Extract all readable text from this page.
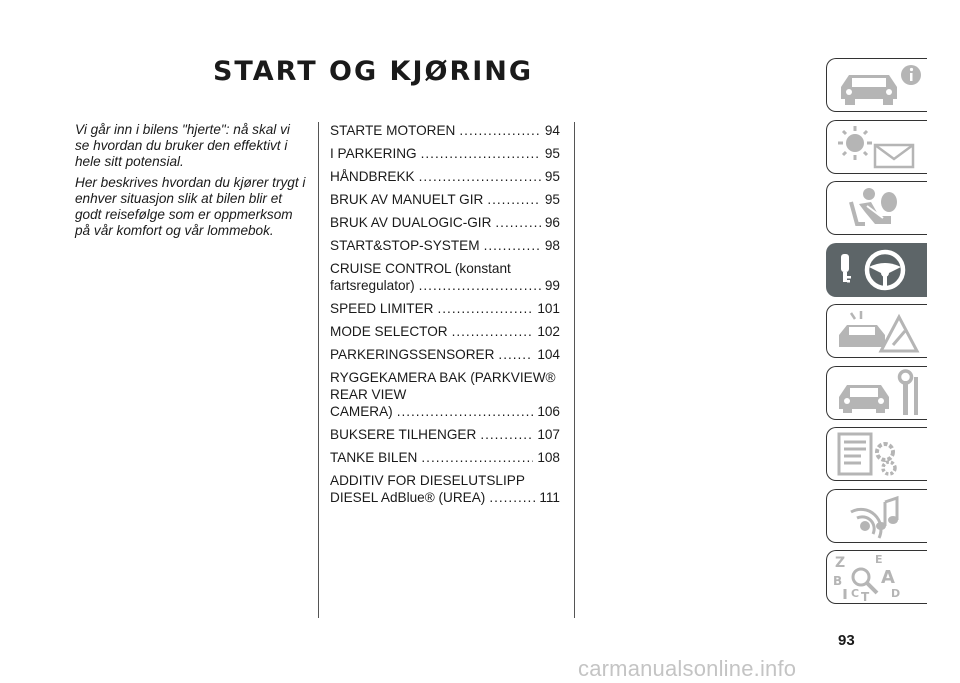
START OG KJØRING

Vi går inn i bilens "hjerte": nå skal vi se hvordan du bruker den effektivt i hele sitt potensial.

Her beskrives hvordan du kjører trygt i enhver situasjon slik at bilen blir et godt reisefølge som er oppmerksom på vår komfort og vår lommebok.

STARTE MOTOREN .....	94
I PARKERING .....	95
HÅNDBREKK .....	95
BRUK AV MANUELT GIR .....	95
BRUK AV DUALOGIC-GIR .....	96
START&STOP-SYSTEM .....	98
CRUISE CONTROL (konstant
fartsregulator) .....	99
SPEED LIMITER .....	101
MODE SELECTOR .....	102
PARKERINGSSENSORER .....	104
RYGGEKAMERA BAK (PARKVIEW® REAR VIEW
CAMERA) .....	106
BUKSERE TILHENGER .....	107
TANKE BILEN .....	108
ADDITIV FOR DIESELUTSLIPP
DIESEL AdBlue® (UREA) .....	111
Z	E
B A
C	D
T
93
carmanualsonline.info
